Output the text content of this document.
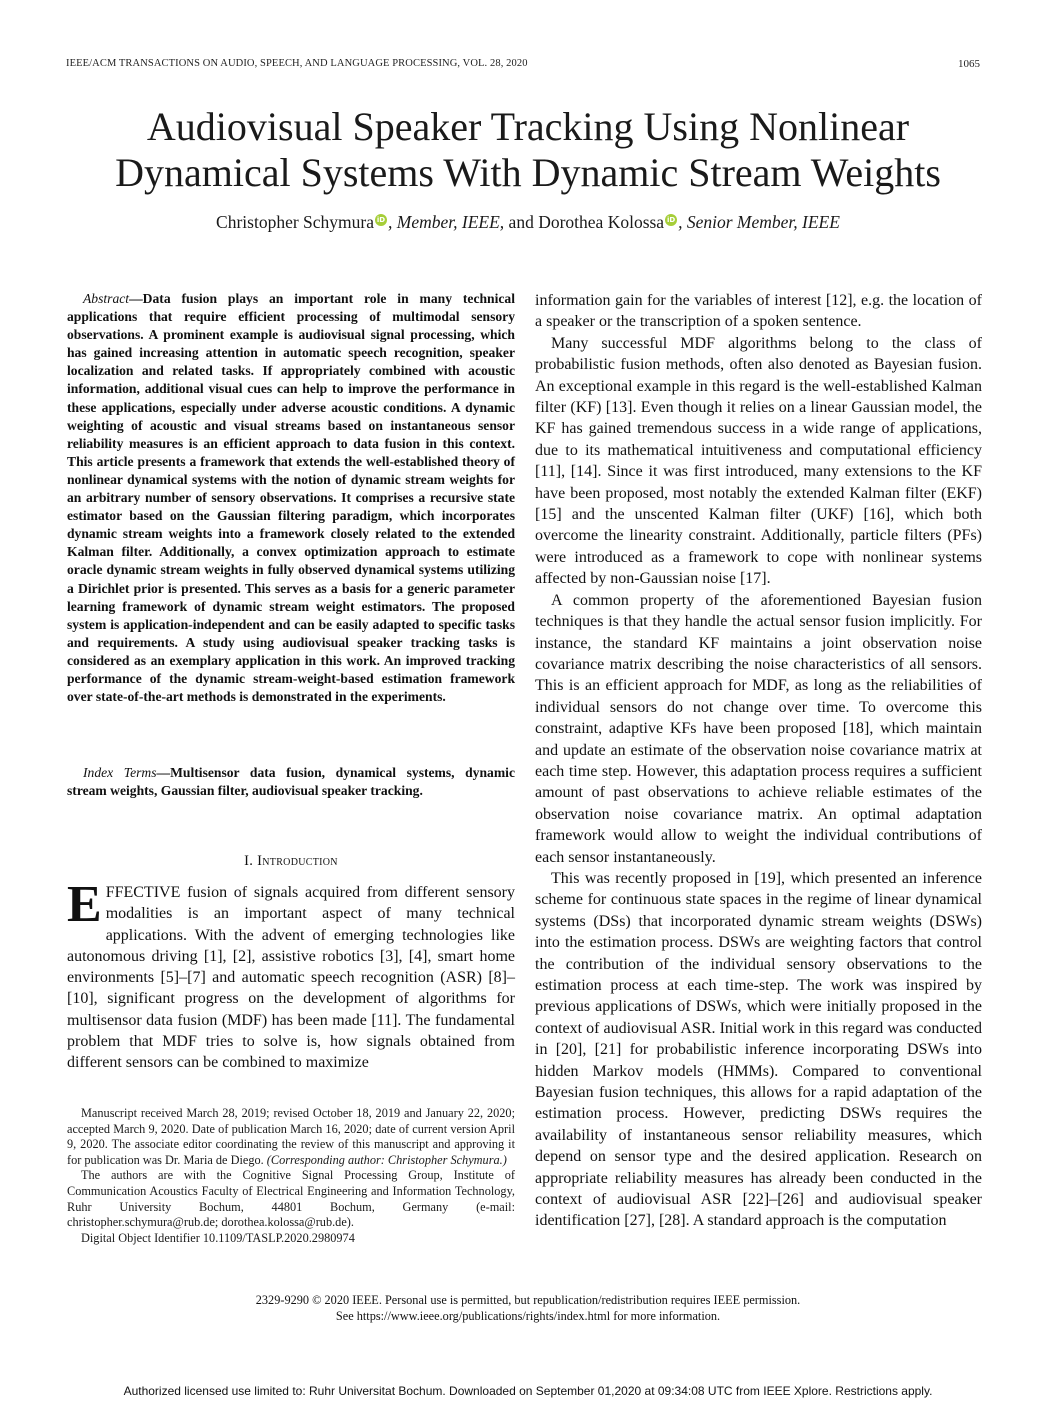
IEEE/ACM TRANSACTIONS ON AUDIO, SPEECH, AND LANGUAGE PROCESSING, VOL. 28, 2020	1065
Audiovisual Speaker Tracking Using Nonlinear
Dynamical Systems With Dynamic Stream Weights
Christopher Schymura iD , Member, IEEE, and Dorothea Kolossa iD , Senior Member, IEEE
Abstract—Data fusion plays an important role in many technical applications that require efficient processing of multimodal sensory observations. A prominent example is audiovisual signal processing, which has gained increasing attention in automatic speech recognition, speaker localization and related tasks. If appropriately combined with acoustic information, additional visual cues can help to improve the performance in these applications, especially under adverse acoustic conditions. A dynamic weighting of acoustic and visual streams based on instantaneous sensor reliability measures is an efficient approach to data fusion in this context. This article presents a framework that extends the well-established theory of nonlinear dynamical systems with the notion of dynamic stream weights for an arbitrary number of sensory observations. It comprises a recursive state estimator based on the Gaussian filtering paradigm, which incorporates dynamic stream weights into a framework closely related to the extended Kalman filter. Additionally, a convex optimization approach to estimate oracle dynamic stream weights in fully observed dynamical systems utilizing a Dirichlet prior is presented. This serves as a basis for a generic parameter learning framework of dynamic stream weight estimators. The proposed system is application-independent and can be easily adapted to specific tasks and requirements. A study using audiovisual speaker tracking tasks is considered as an exemplary application in this work. An improved tracking performance of the dynamic stream-weight-based estimation framework over state-of-the-art methods is demonstrated in the experiments.
Index Terms—Multisensor data fusion, dynamical systems, dynamic stream weights, Gaussian filter, audiovisual speaker tracking.
I. Introduction
EFFECTIVE fusion of signals acquired from different sensory modalities is an important aspect of many technical applications. With the advent of emerging technologies like autonomous driving [1], [2], assistive robotics [3], [4], smart home environments [5]–[7] and automatic speech recognition (ASR) [8]–[10], significant progress on the development of algorithms for multisensor data fusion (MDF) has been made [11]. The fundamental problem that MDF tries to solve is, how signals obtained from different sensors can be combined to maximize

Manuscript received March 28, 2019; revised October 18, 2019 and January 22, 2020; accepted March 9, 2020. Date of publication March 16, 2020; date of current version April 9, 2020. The associate editor coordinating the review of this manuscript and approving it for publication was Dr. Maria de Diego. (Corresponding author: Christopher Schymura.)

The authors are with the Cognitive Signal Processing Group, Institute of Communication Acoustics Faculty of Electrical Engineering and Information Technology, Ruhr University Bochum, 44801 Bochum, Germany (e-mail: christopher.schymura@rub.de; dorothea.kolossa@rub.de).

Digital Object Identifier 10.1109/TASLP.2020.2980974

information gain for the variables of interest [12], e.g. the location of a speaker or the transcription of a spoken sentence.

Many successful MDF algorithms belong to the class of probabilistic fusion methods, often also denoted as Bayesian fusion. An exceptional example in this regard is the well-established Kalman filter (KF) [13]. Even though it relies on a linear Gaussian model, the KF has gained tremendous success in a wide range of applications, due to its mathematical intuitiveness and computational efficiency [11], [14]. Since it was first introduced, many extensions to the KF have been proposed, most notably the extended Kalman filter (EKF) [15] and the unscented Kalman filter (UKF) [16], which both overcome the linearity constraint. Additionally, particle filters (PFs) were introduced as a framework to cope with nonlinear systems affected by non-Gaussian noise [17].

A common property of the aforementioned Bayesian fusion techniques is that they handle the actual sensor fusion implicitly. For instance, the standard KF maintains a joint observation noise covariance matrix describing the noise characteristics of all sensors. This is an efficient approach for MDF, as long as the reliabilities of individual sensors do not change over time. To overcome this constraint, adaptive KFs have been proposed [18], which maintain and update an estimate of the observation noise covariance matrix at each time step. However, this adaptation process requires a sufficient amount of past observations to achieve reliable estimates of the observation noise covariance matrix. An optimal adaptation framework would allow to weight the individual contributions of each sensor instantaneously.

This was recently proposed in [19], which presented an inference scheme for continuous state spaces in the regime of linear dynamical systems (DSs) that incorporated dynamic stream weights (DSWs) into the estimation process. DSWs are weighting factors that control the contribution of the individual sensory observations to the estimation process at each time-step. The work was inspired by previous applications of DSWs, which were initially proposed in the context of audiovisual ASR. Initial work in this regard was conducted in [20], [21] for probabilistic inference incorporating DSWs into hidden Markov models (HMMs). Compared to conventional Bayesian fusion techniques, this allows for a rapid adaptation of the estimation process. However, predicting DSWs requires the availability of instantaneous sensor reliability measures, which depend on sensor type and the desired application. Research on appropriate reliability measures has already been conducted in the context of audiovisual ASR [22]–[26] and audiovisual speaker identification [27], [28]. A standard approach is the computation

2329-9290 © 2020 IEEE. Personal use is permitted, but republication/redistribution requires IEEE permission.
See https://www.ieee.org/publications/rights/index.html for more information.
Authorized licensed use limited to: Ruhr Universitat Bochum. Downloaded on September 01,2020 at 09:34:08 UTC from IEEE Xplore. Restrictions apply.
